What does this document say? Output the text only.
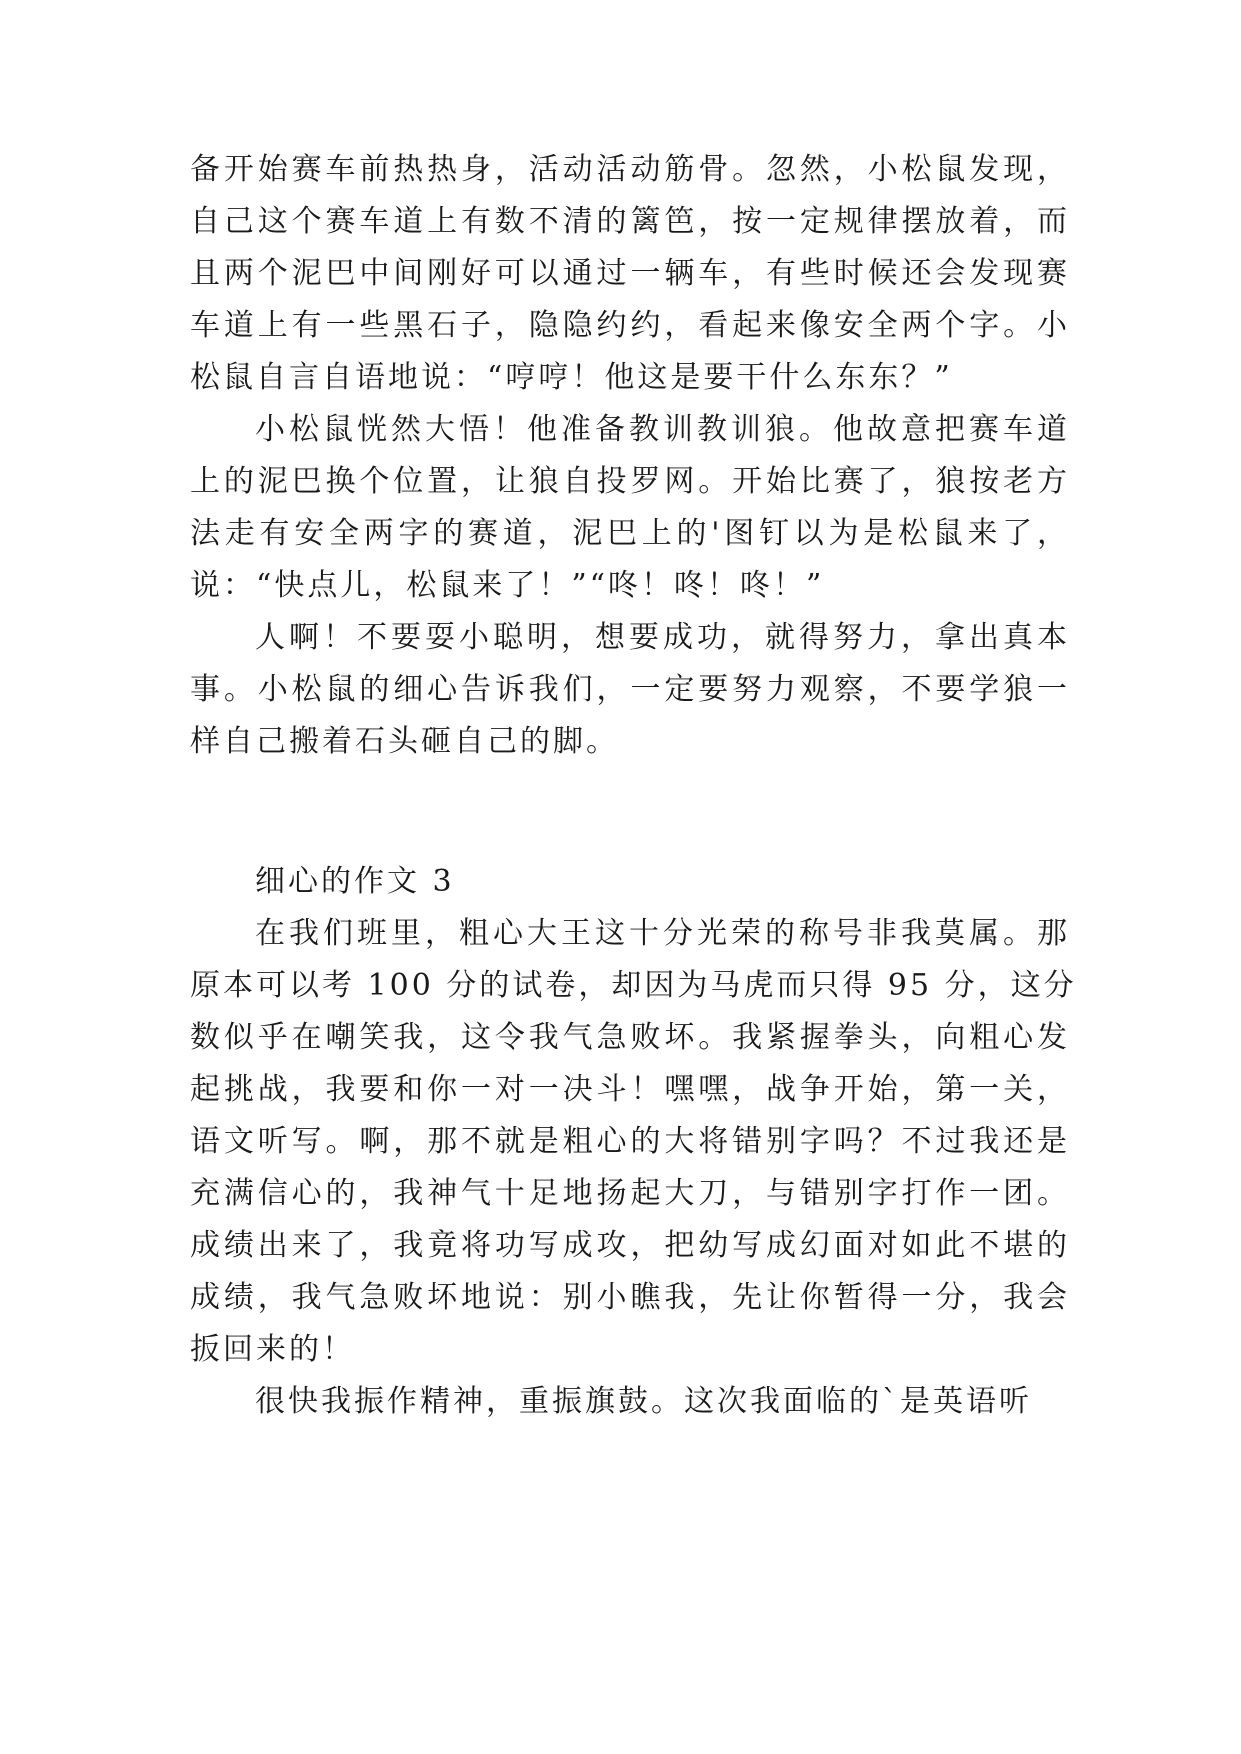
备开始赛车前热热身，活动活动筋骨。忽然，小松鼠发现，
自己这个赛车道上有数不清的篱笆，按一定规律摆放着，而
且两个泥巴中间刚好可以通过一辆车，有些时候还会发现赛
车道上有一些黑石子，隐隐约约，看起来像安全两个字。小
松鼠自言自语地说：“哼哼！他这是要干什么东东？”
小松鼠恍然大悟！他准备教训教训狼。他故意把赛车道
上的泥巴换个位置，让狼自投罗网。开始比赛了，狼按老方
法走有安全两字的赛道，泥巴上的'图钉以为是松鼠来了，
说：“快点儿，松鼠来了！”“咚！咚！咚！”
人啊！不要耍小聪明，想要成功，就得努力，拿出真本
事。小松鼠的细心告诉我们，一定要努力观察，不要学狼一
样自己搬着石头砸自己的脚。
细心的作文 3
在我们班里，粗心大王这十分光荣的称号非我莫属。那
原本可以考 100 分的试卷，却因为马虎而只得 95 分，这分
数似乎在嘲笑我，这令我气急败坏。我紧握拳头，向粗心发
起挑战，我要和你一对一决斗！嘿嘿，战争开始，第一关，
语文听写。啊，那不就是粗心的大将错别字吗？不过我还是
充满信心的，我神气十足地扬起大刀，与错别字打作一团。
成绩出来了，我竟将功写成攻，把幼写成幻面对如此不堪的
成绩，我气急败坏地说：别小瞧我，先让你暂得一分，我会
扳回来的！
很快我振作精神，重振旗鼓。这次我面临的`是英语听
